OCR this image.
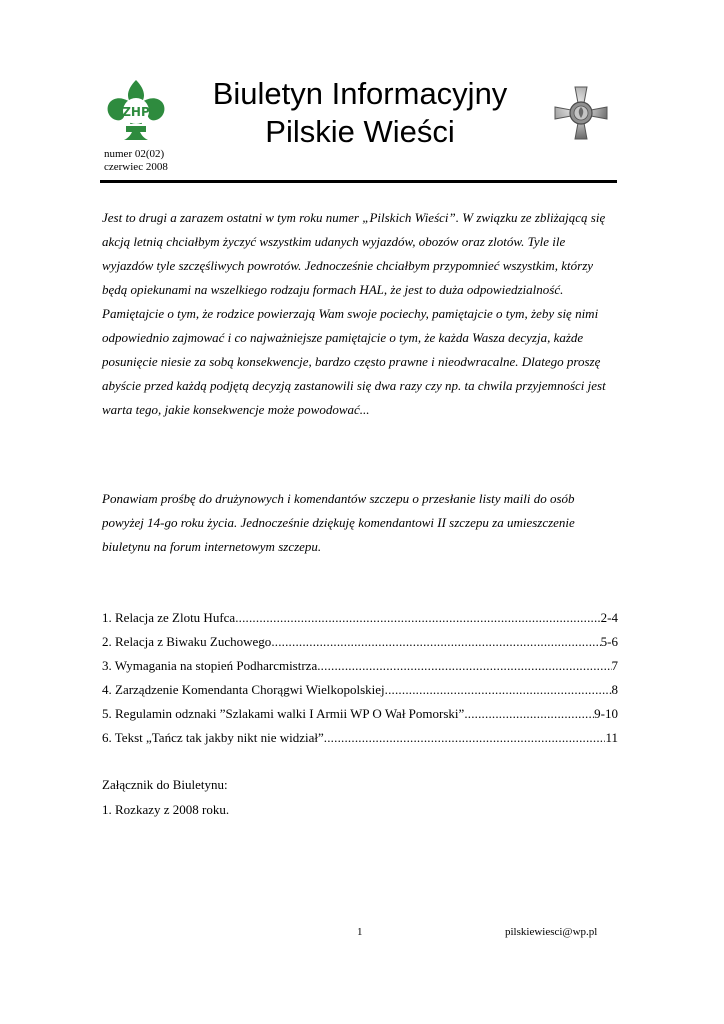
ZHP
Biuletyn Informacyjny
Pilskie Wieści
numer 02(02)
czerwiec 2008

Jest to drugi a zarazem ostatni w tym roku numer „Pilskich Wieści”. W związku ze zbliżającą się akcją letnią chciałbym życzyć wszystkim udanych wyjazdów, obozów oraz zlotów. Tyle ile wyjazdów tyle szczęśliwych powrotów. Jednocześnie chciałbym przypomnieć wszystkim, którzy będą opiekunami na wszelkiego rodzaju formach HAL, że jest to duża odpowiedzialność. Pamiętajcie o tym, że rodzice powierzają Wam swoje pociechy, pamiętajcie o tym, żeby się nimi odpowiednio zajmować i co najważniejsze pamiętajcie o tym, że każda Wasza decyzja, każde posunięcie niesie za sobą konsekwencje, bardzo często prawne i nieodwracalne. Dlatego proszę abyście przed każdą podjętą decyzją zastanowili się dwa razy czy np. ta chwila przyjemności jest warta tego, jakie konsekwencje może powodować...

Ponawiam prośbę do drużynowych i komendantów szczepu o przesłanie listy maili do osób powyżej 14-go roku życia. Jednocześnie dziękuję komendantowi II szczepu za umieszczenie biuletynu na forum internetowym szczepu.

1. Relacja ze Zlotu Hufca .....	2-4
2. Relacja z Biwaku Zuchowego .....	5-6
3. Wymagania na stopień Podharcmistrza .....	7
4. Zarządzenie Komendanta Chorągwi Wielkopolskiej .....	8
5. Regulamin odznaki ”Szlakami walki I Armii WP O Wał Pomorski” .....	9-10
6. Tekst „Tańcz tak jakby nikt nie widział” .....	11
Załącznik do Biuletynu:
1. Rozkazy z 2008 roku.
1	pilskiewiesci@wp.pl
